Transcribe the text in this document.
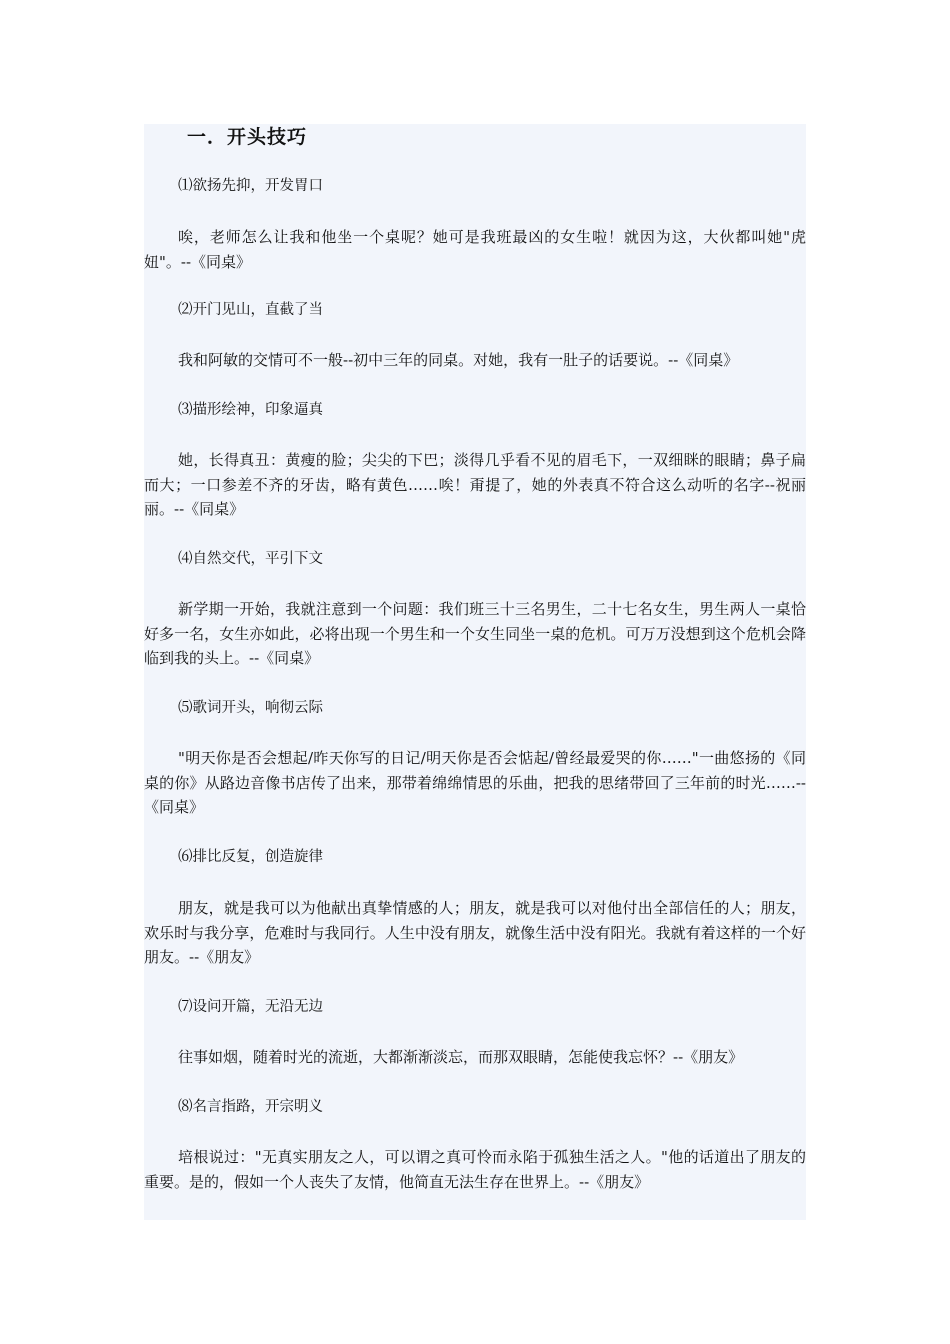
一．开头技巧
⑴欲扬先抑，开发胃口

唉，老师怎么让我和他坐一个桌呢？她可是我班最凶的女生啦！就因为这，大伙都叫她"虎妞"。--《同桌》

⑵开门见山，直截了当

我和阿敏的交情可不一般--初中三年的同桌。对她，我有一肚子的话要说。--《同桌》

⑶描形绘神，印象逼真

她，长得真丑：黄瘦的脸；尖尖的下巴；淡得几乎看不见的眉毛下，一双细眯的眼睛；鼻子扁而大；一口参差不齐的牙齿，略有黄色……唉！甭提了，她的外表真不符合这么动听的名字--祝丽丽。--《同桌》

⑷自然交代，平引下文

新学期一开始，我就注意到一个问题：我们班三十三名男生，二十七名女生，男生两人一桌恰好多一名，女生亦如此，必将出现一个男生和一个女生同坐一桌的危机。可万万没想到这个危机会降临到我的头上。--《同桌》

⑸歌词开头，响彻云际

"明天你是否会想起/昨天你写的日记/明天你是否会惦起/曾经最爱哭的你……"一曲悠扬的《同桌的你》从路边音像书店传了出来，那带着绵绵情思的乐曲，把我的思绪带回了三年前的时光……--《同桌》

⑹排比反复，创造旋律

朋友，就是我可以为他献出真挚情感的人；朋友，就是我可以对他付出全部信任的人；朋友，欢乐时与我分享，危难时与我同行。人生中没有朋友，就像生活中没有阳光。我就有着这样的一个好朋友。--《朋友》

⑺设问开篇，无沿无边

往事如烟，随着时光的流逝，大都渐渐淡忘，而那双眼睛，怎能使我忘怀？--《朋友》

⑻名言指路，开宗明义

培根说过："无真实朋友之人，可以谓之真可怜而永陷于孤独生活之人。"他的话道出了朋友的重要。是的，假如一个人丧失了友情，他简直无法生存在世界上。--《朋友》
